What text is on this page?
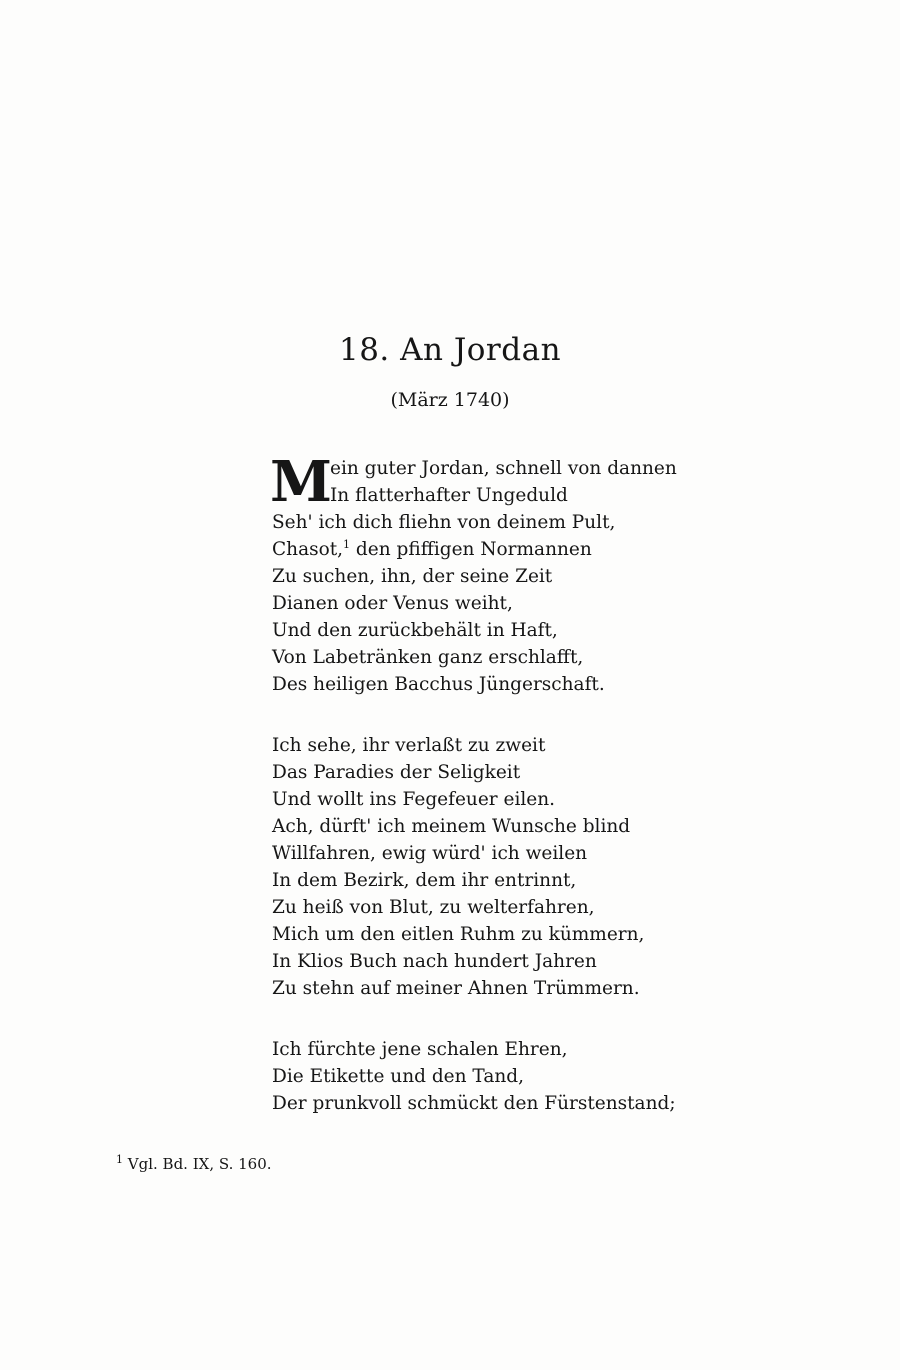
18. An Jordan
(März 1740)
M
ein guter Jordan, schnell von dannen
In flatterhafter Ungeduld
Seh' ich dich fliehn von deinem Pult,
Chasot,$^1$ den pfiffigen Normannen
Zu suchen, ihn, der seine Zeit
Dianen oder Venus weiht,
Und den zurückbehält in Haft,
Von Labetränken ganz erschlafft,
Des heiligen Bacchus Jüngerschaft.
Ich sehe, ihr verlaßt zu zweit
Das Paradies der Seligkeit
Und wollt ins Fegefeuer eilen.
Ach, dürft' ich meinem Wunsche blind
Willfahren, ewig würd' ich weilen
In dem Bezirk, dem ihr entrinnt,
Zu heiß von Blut, zu welterfahren,
Mich um den eitlen Ruhm zu kümmern,
In Klios Buch nach hundert Jahren
Zu stehn auf meiner Ahnen Trümmern.
Ich fürchte jene schalen Ehren,
Die Etikette und den Tand,
Der prunkvoll schmückt den Fürstenstand;
$^1$ Vgl. Bd. IX, S. 160.
